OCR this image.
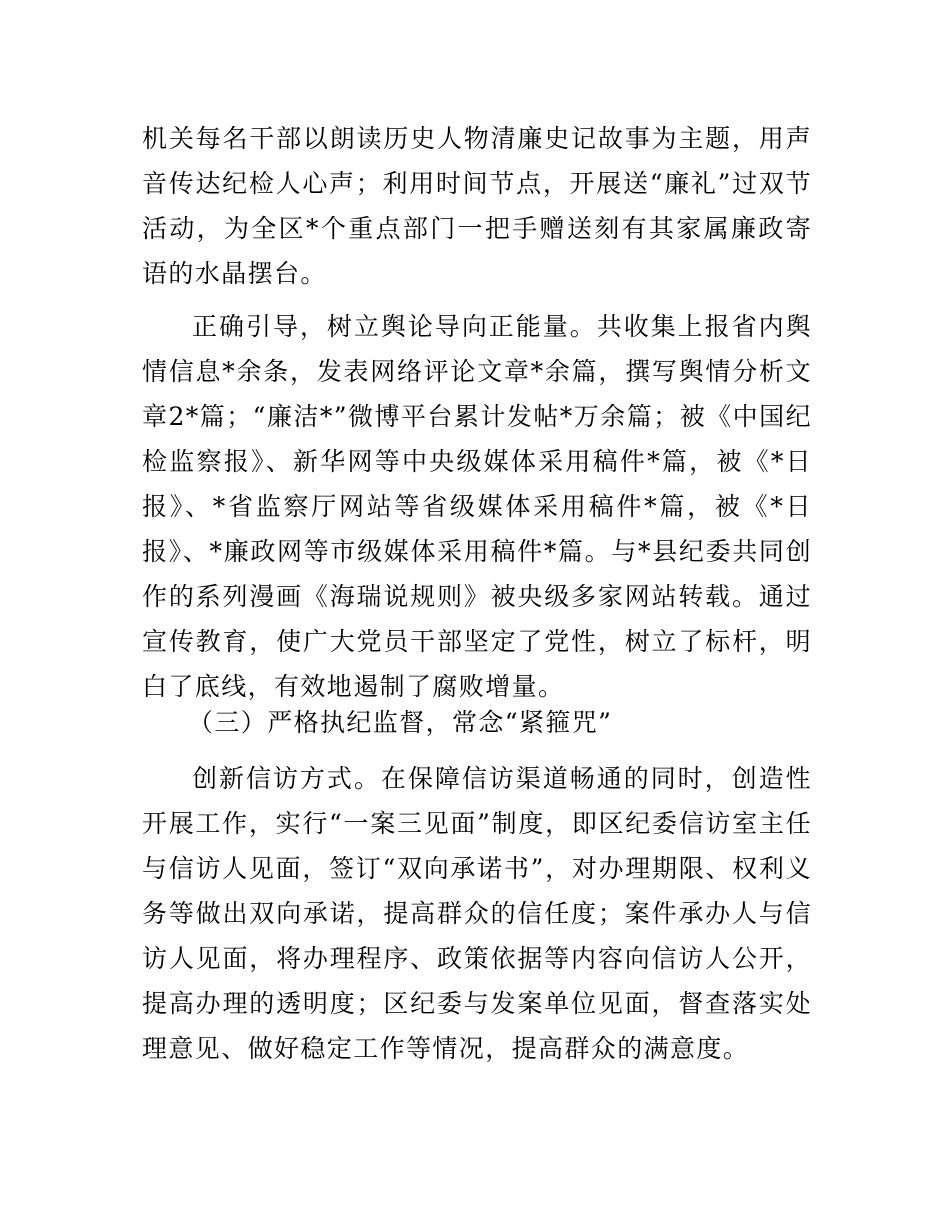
机关每名干部以朗读历史人物清廉史记故事为主题，用声音传达纪检人心声；利用时间节点，开展送“廉礼”过双节活动，为全区*个重点部门一把手赠送刻有其家属廉政寄语的水晶摆台。

正确引导，树立舆论导向正能量。共收集上报省内舆情信息*余条，发表网络评论文章*余篇，撰写舆情分析文章2*篇；“廉洁*”微博平台累计发帖*万余篇；被《中国纪检监察报》、新华网等中央级媒体采用稿件*篇，被《*日报》、*省监察厅网站等省级媒体采用稿件*篇，被《*日报》、*廉政网等市级媒体采用稿件*篇。与*县纪委共同创作的系列漫画《海瑞说规则》被央级多家网站转载。通过宣传教育，使广大党员干部坚定了党性，树立了标杆，明白了底线，有效地遏制了腐败增量。

（三）严格执纪监督，常念“紧箍咒”

创新信访方式。在保障信访渠道畅通的同时，创造性开展工作，实行“一案三见面”制度，即区纪委信访室主任与信访人见面，签订“双向承诺书”，对办理期限、权利义务等做出双向承诺，提高群众的信任度；案件承办人与信访人见面，将办理程序、政策依据等内容向信访人公开，提高办理的透明度；区纪委与发案单位见面，督查落实处理意见、做好稳定工作等情况，提高群众的满意度。
